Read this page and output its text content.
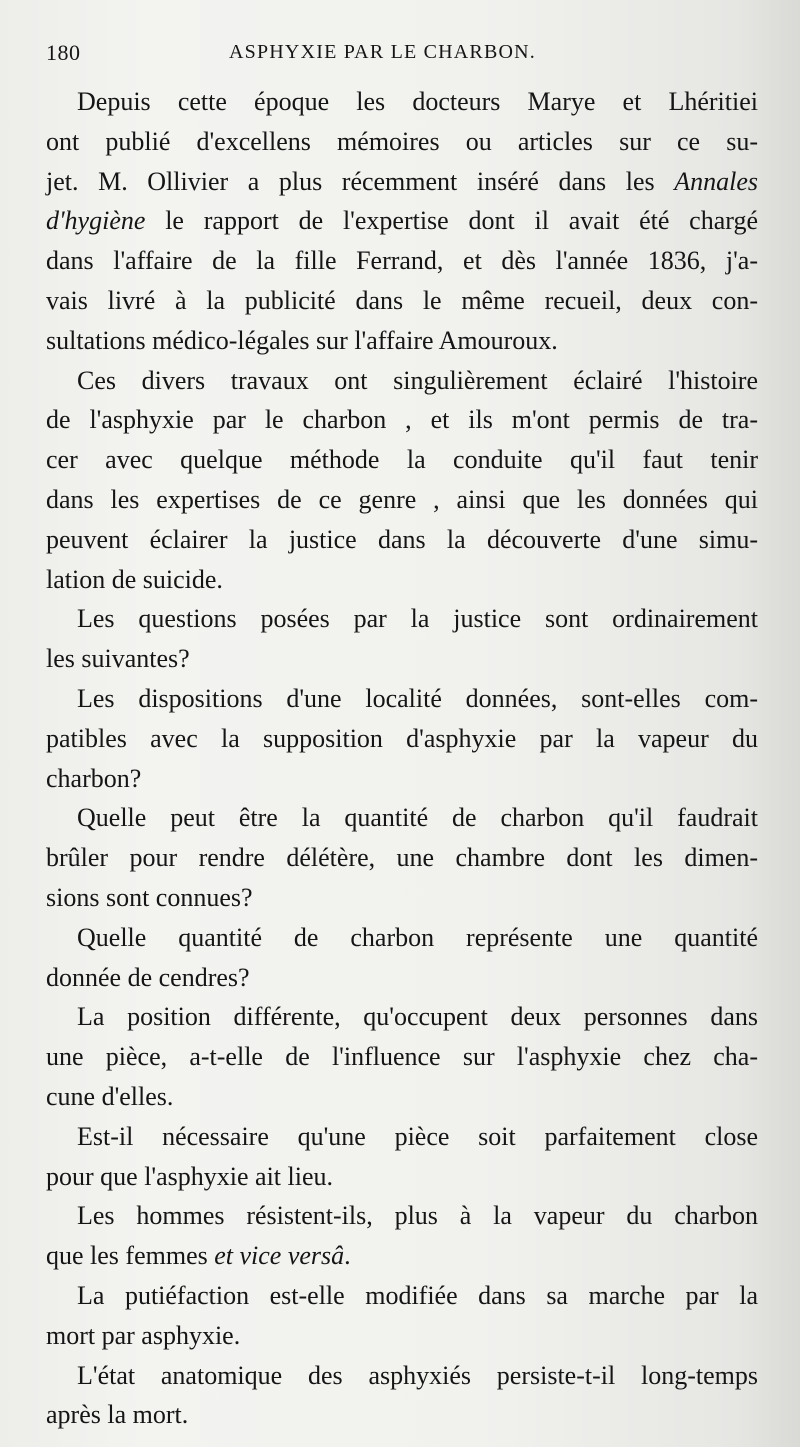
180	ASPHYXIE PAR LE CHARBON.
Depuis cette époque les docteurs Marye et Lhéritiei
ont publié d'excellens mémoires ou articles sur ce su-
jet. M. Ollivier a plus récemment inséré dans les Annales
d'hygiène le rapport de l'expertise dont il avait été chargé
dans l'affaire de la fille Ferrand, et dès l'année 1836, j'a-
vais livré à la publicité dans le même recueil, deux con-
sultations médico-légales sur l'affaire Amouroux.
Ces divers travaux ont singulièrement éclairé l'histoire
de l'asphyxie par le charbon , et ils m'ont permis de tra-
cer avec quelque méthode la conduite qu'il faut tenir
dans les expertises de ce genre , ainsi que les données qui
peuvent éclairer la justice dans la découverte d'une simu-
lation de suicide.
Les questions posées par la justice sont ordinairement
les suivantes?
Les dispositions d'une localité données, sont-elles com-
patibles avec la supposition d'asphyxie par la vapeur du
charbon?
Quelle peut être la quantité de charbon qu'il faudrait
brûler pour rendre délétère, une chambre dont les dimen-
sions sont connues?
Quelle quantité de charbon représente une quantité
donnée de cendres?
La position différente, qu'occupent deux personnes dans
une pièce, a-t-elle de l'influence sur l'asphyxie chez cha-
cune d'elles.
Est-il nécessaire qu'une pièce soit parfaitement close
pour que l'asphyxie ait lieu.
Les hommes résistent-ils, plus à la vapeur du charbon
que les femmes et vice versâ.
La putiéfaction est-elle modifiée dans sa marche par la
mort par asphyxie.
L'état anatomique des asphyxiés persiste-t-il long-temps
après la mort.
